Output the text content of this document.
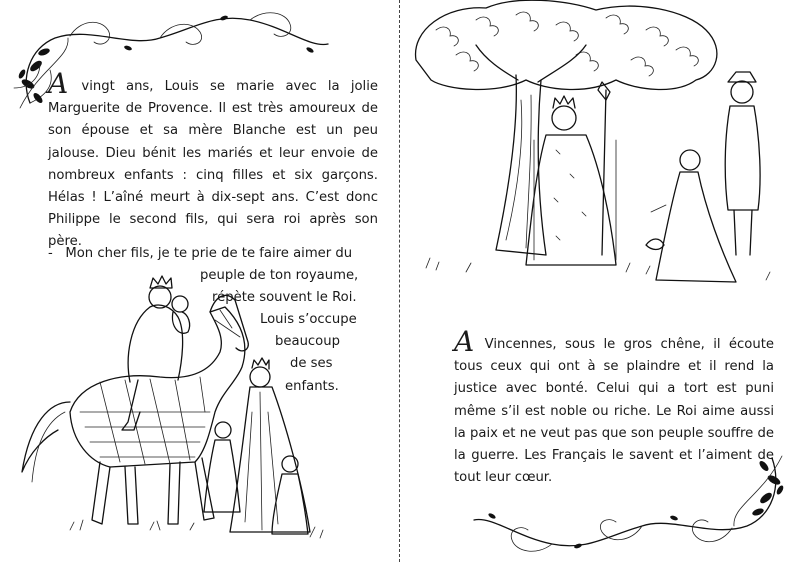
A vingt ans, Louis se marie avec la jolie Marguerite de Provence. Il est très amoureux de son épouse et sa mère Blanche est un peu jalouse. Dieu bénit les mariés et leur envoie de nombreux enfants : cinq filles et six garçons. Hélas ! L’aîné meurt à dix-sept ans. C’est donc Philippe le second fils, qui sera roi après son père.

-   Mon cher fils, je te prie de te faire aimer du
peuple de ton royaume,
répète souvent le Roi.
Louis s’occupe
beaucoup
de ses
enfants.

A Vincennes, sous le gros chêne, il écoute tous ceux qui ont à se plaindre et il rend la justice avec bonté. Celui qui a tort est puni même s’il est noble ou riche. Le Roi aime aussi la paix et ne veut pas que son peuple souffre de la guerre. Les Français le savent et l’aiment de tout leur cœur.
